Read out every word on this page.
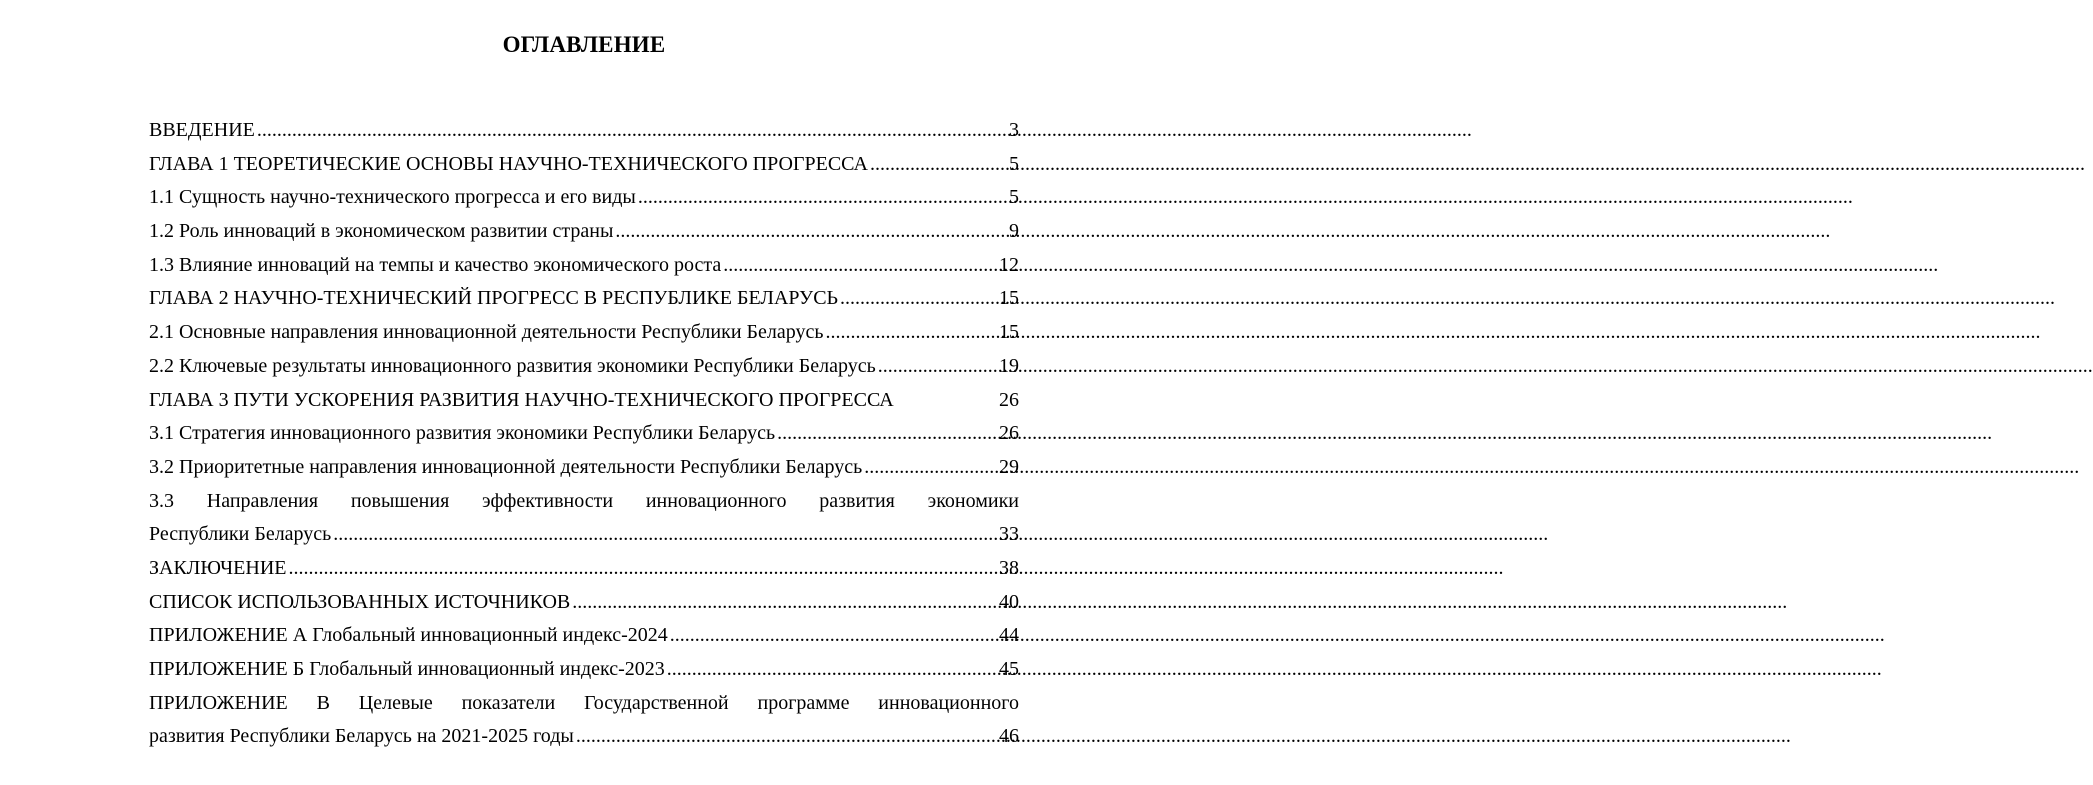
ОГЛАВЛЕНИЕ
ВВЕДЕНИЕ .....	3
ГЛАВА 1 ТЕОРЕТИЧЕСКИЕ ОСНОВЫ НАУЧНО-ТЕХНИЧЕСКОГО ПРОГРЕССА .....	5
1.1 Сущность научно-технического прогресса и его виды .....	5
1.2 Роль инноваций в экономическом развитии страны .....	9
1.3 Влияние инноваций на темпы и качество экономического роста .....	12
ГЛАВА 2 НАУЧНО-ТЕХНИЧЕСКИЙ ПРОГРЕСС В РЕСПУБЛИКЕ БЕЛАРУСЬ .....	15
2.1 Основные направления инновационной деятельности Республики Беларусь .....	15
2.2 Ключевые результаты инновационного развития экономики Республики Беларусь .....	19
ГЛАВА 3 ПУТИ УСКОРЕНИЯ РАЗВИТИЯ НАУЧНО-ТЕХНИЧЕСКОГО ПРОГРЕССА	26
3.1 Стратегия инновационного развития экономики Республики Беларусь .....	26
3.2 Приоритетные направления инновационной деятельности Республики Беларусь .....	29
3.3 Направления повышения эффективности инновационного развития экономики
Республики Беларусь .....	33
ЗАКЛЮЧЕНИЕ .....	38
СПИСОК ИСПОЛЬЗОВАННЫХ ИСТОЧНИКОВ .....	40
ПРИЛОЖЕНИЕ А Глобальный инновационный индекс-2024 .....	44
ПРИЛОЖЕНИЕ Б Глобальный инновационный индекс-2023 .....	45
ПРИЛОЖЕНИЕ В Целевые показатели Государственной программе инновационного
развития Республики Беларусь на 2021-2025 годы .....	46
